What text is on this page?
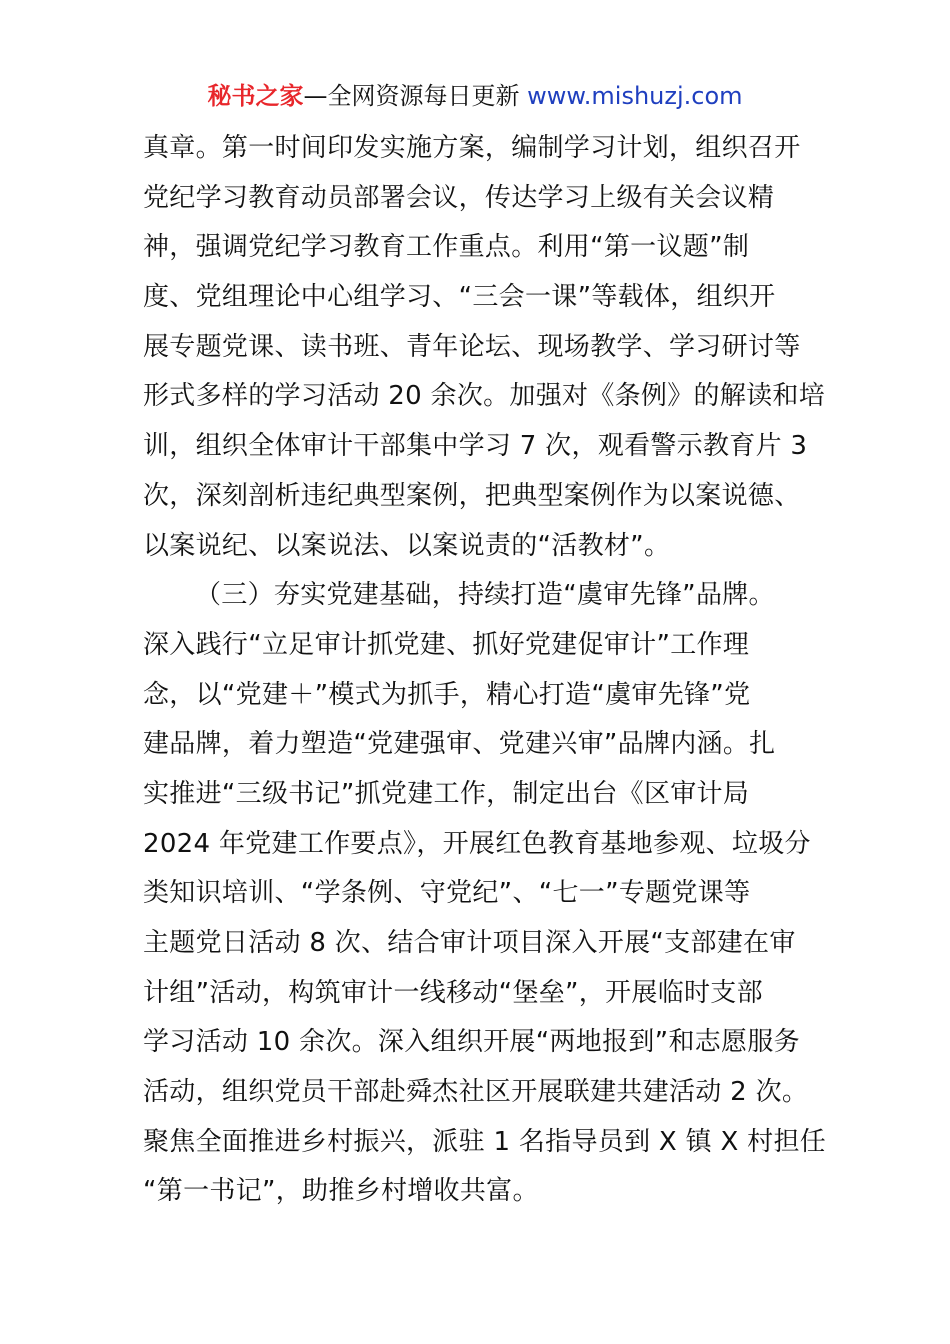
秘书之家—全网资源每日更新 www.mishuzj.com
真章。第一时间印发实施方案，编制学习计划，组织召开
党纪学习教育动员部署会议，传达学习上级有关会议精
神，强调党纪学习教育工作重点。利用“第一议题”制
度、党组理论中心组学习、“三会一课”等载体，组织开
展专题党课、读书班、青年论坛、现场教学、学习研讨等
形式多样的学习活动 20 余次。加强对《条例》的解读和培
训，组织全体审计干部集中学习 7 次，观看警示教育片 3
次，深刻剖析违纪典型案例，把典型案例作为以案说德、
以案说纪、以案说法、以案说责的“活教材”。
（三）夯实党建基础，持续打造“虞审先锋”品牌。
深入践行“立足审计抓党建、抓好党建促审计”工作理
念，以“党建＋”模式为抓手，精心打造“虞审先锋”党
建品牌，着力塑造“党建强审、党建兴审”品牌内涵。扎
实推进“三级书记”抓党建工作，制定出台《区审计局
2024 年党建工作要点》，开展红色教育基地参观、垃圾分
类知识培训、“学条例、守党纪”、“七一”专题党课等
主题党日活动 8 次、结合审计项目深入开展“支部建在审
计组”活动，构筑审计一线移动“堡垒”，开展临时支部
学习活动 10 余次。深入组织开展“两地报到”和志愿服务
活动，组织党员干部赴舜杰社区开展联建共建活动 2 次。
聚焦全面推进乡村振兴，派驻 1 名指导员到 X 镇 X 村担任
“第一书记”，助推乡村增收共富。
